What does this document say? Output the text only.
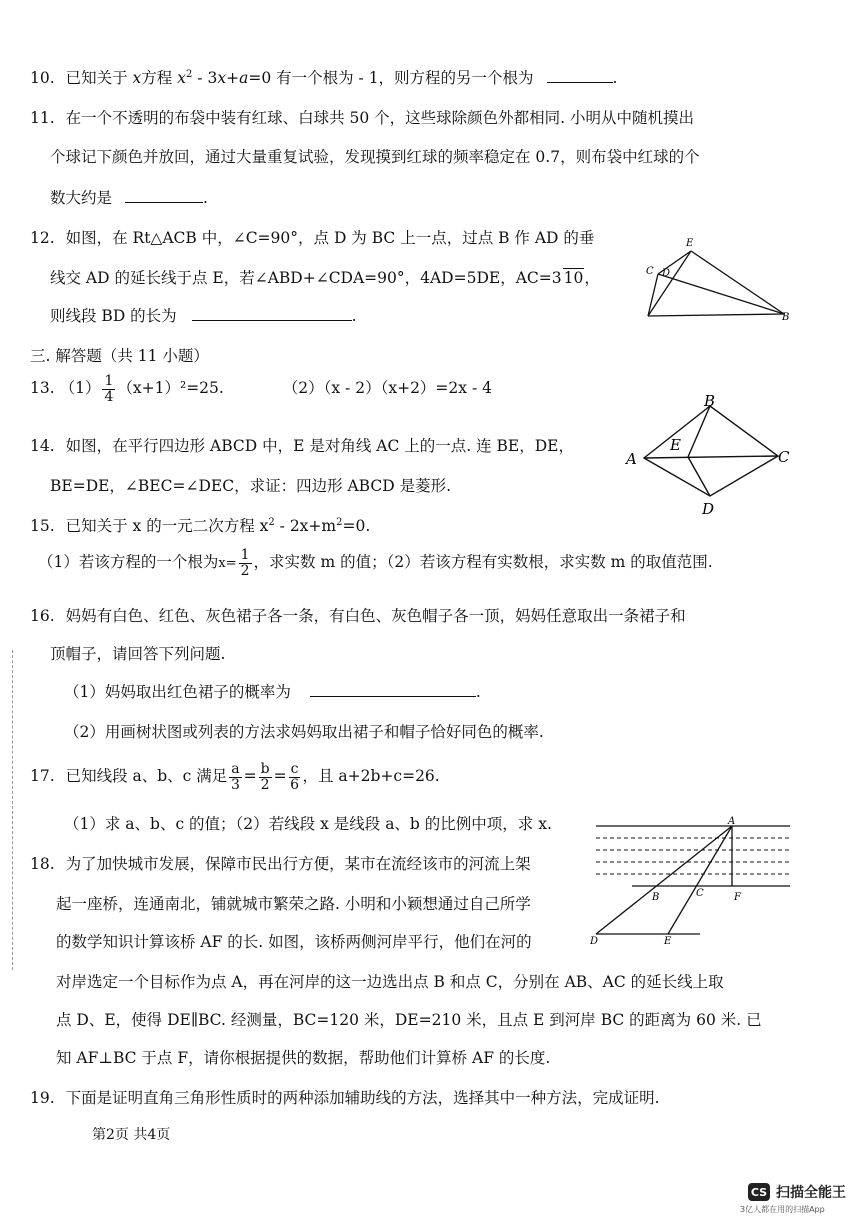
10. 已知关于 x方程 $x^2 - 3x+a=0$ 有一个根为 - 1，则方程的另一个根为	.
11. 在一个不透明的布袋中装有红球、白球共 50 个，这些球除颜色外都相同. 小明从中随机摸出
个球记下颜色并放回，通过大量重复试验，发现摸到红球的频率稳定在 0.7，则布袋中红球的个
数大约是	.
12. 如图，在 Rt△ACB 中，∠C=90°，点 D 为 BC 上一点，过点 B 作 AD 的垂
线交 AD 的延长线于点 E，若∠ABD+∠CDA=90°，4AD=5DE，AC=3 10，
则线段 BD 的长为	.
E
C D
B
三. 解答题（共 11 小题）
13. $(1) \frac{1}{4} (x+1)^2=25$.	（2）（x - 2）（x+2）=2x - 4
14. 如图，在平行四边形 ABCD 中，E 是对角线 AC 上的一点. 连 BE，DE，
BE=DE，∠BEC=∠DEC，求证：四边形 ABCD 是菱形.
B
A
E
C
D
15. 已知关于 x 的一元二次方程 $x^2 - 2x+m^2=0$.
（1）若该方程的一个根为$x= \frac{1}{2}$ ，求实数 m 的值；（2）若该方程有实数根，求实数 m 的取值范围.
16. 妈妈有白色、红色、灰色裙子各一条，有白色、灰色帽子各一顶，妈妈任意取出一条裙子和
顶帽子，请回答下列问题.
（1）妈妈取出红色裙子的概率为	.
（2）用画树状图或列表的方法求妈妈取出裙子和帽子恰好同色的概率.
17. 已知线段 a、b、c 满足 $\frac{a}{3} = \frac{b}{2} = \frac{c}{6}$ ，且 a+2b+c=26.
（1）求 a、b、c 的值；（2）若线段 x 是线段 a、b 的比例中项，求 x.
18. 为了加快城市发展，保障市民出行方便，某市在流经该市的河流上架
起一座桥，连通南北，铺就城市繁荣之路. 小明和小颖想通过自己所学
的数学知识计算该桥 AF 的长. 如图，该桥两侧河岸平行，他们在河的
对岸选定一个目标作为点 A，再在河岸的这一边选出点 B 和点 C，分别在 AB、AC 的延长线上取
点 D、E，使得 DE∥BC. 经测量，BC=120 米，DE=210 米，且点 E 到河岸 BC 的距离为 60 米. 已
知 AF⊥BC 于点 F，请你根据提供的数据，帮助他们计算桥 AF 的长度.
A
B	C	F
D	E
19. 下面是证明直角三角形性质时的两种添加辅助线的方法，选择其中一种方法，完成证明.
第2页 共4页
CS 扫描全能王
3亿人都在用的扫描App
